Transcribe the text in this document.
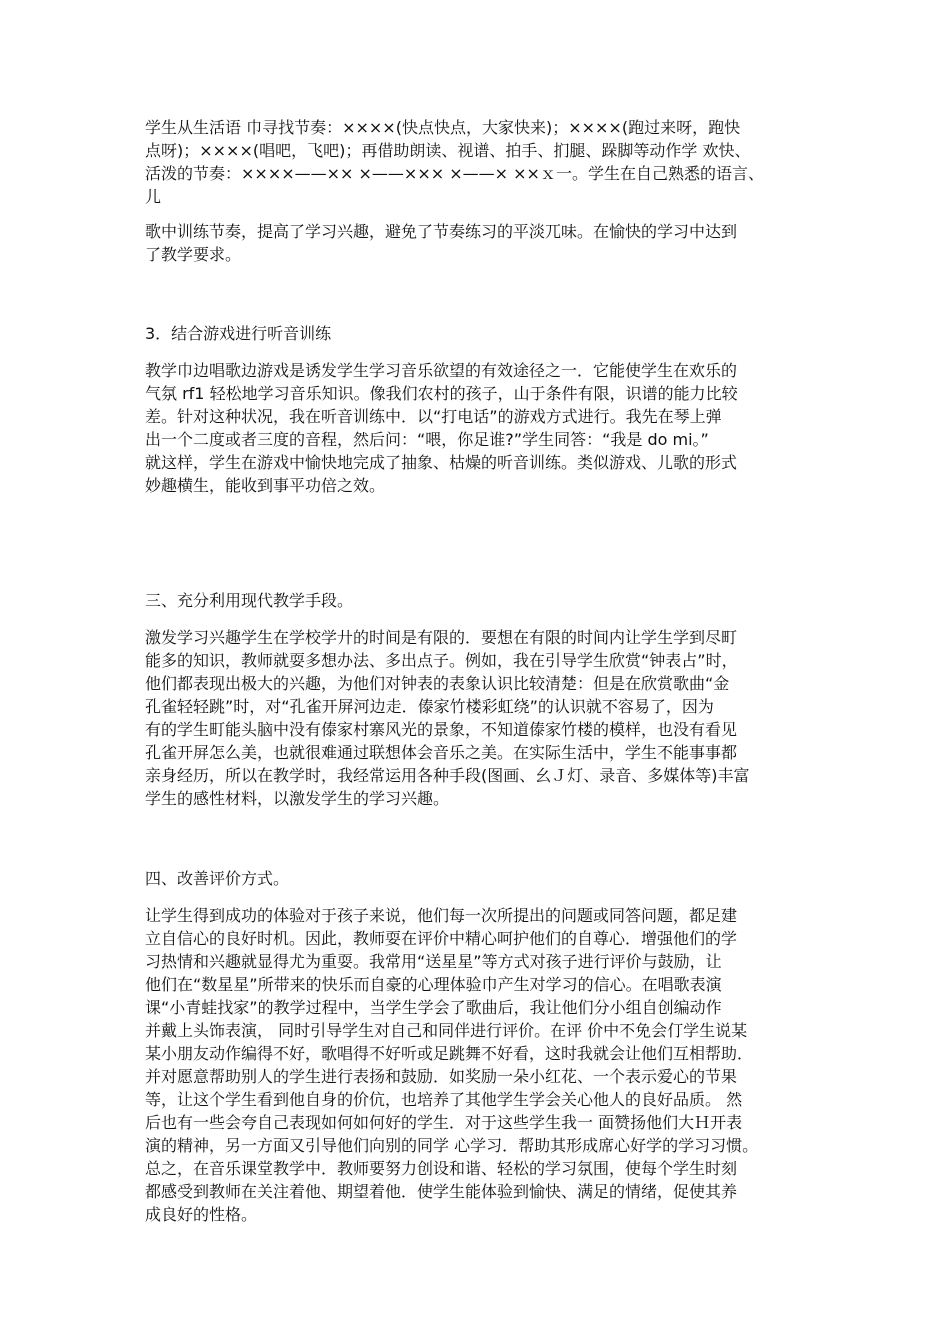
学生从生活语 巾寻找节奏：××××(快点快点，大家快来)；××××(跑过来呀，跑快
点呀)；××××(唱吧，飞吧)；再借助朗读、视谱、拍手、扪腿、跺脚等动作学 欢快、
活泼的节奏：××××——×× ×——××× ×——× ××ｘ一。学生在自己熟悉的语言、
儿

歌中训练节奏，提高了学习兴趣，避免了节奏练习的平淡兀味。在愉快的学习中达到
了教学要求。

3．结合游戏进行听音训练

教学巾边唱歌边游戏是诱发学生学习音乐欲望的有效途径之一．它能使学生在欢乐的
气氛 rf1 轻松地学习音乐知识。像我们农村的孩子，山于条件有限，识谱的能力比较
差。针对这种状况，我在听音训练中．以“打电话”的游戏方式进行。我先在琴上弹
出一个二度或者三度的音程，然后问：“喂，你足谁?”学生同答：“我是 do mi。”
就这样，学生在游戏中愉快地完成了抽象、枯燥的听音训练。类似游戏、儿歌的形式
妙趣横生，能收到事平功倍之效。

三、充分利用现代教学手段。

激发学习兴趣学生在学校学廾的时间是有限的．要想在有限的时间内让学生学到尽町
能多的知识，教师就耍多想办法、多出点子。例如，我在引导学生欣赏“钟表占”时，
他们都表现出极大的兴趣，为他们对钟表的表象认识比较清楚：但是在欣赏歌曲“金
孔雀轻轻跳”时，对“孔雀开屏河边走．傣家竹楼彩虹绕”的认识就不容易了，因为
有的学生町能头脑中没有傣家村寨风光的景象，不知道傣家竹楼的模样，也没有看见
孔雀开屏怎么美，也就很难通过联想体会音乐之美。在实际生活中，学生不能事事都
亲身经历，所以在教学时，我经常运用各种手段(图画、幺Ｊ灯、录音、多媒体等)丰富
学生的感性材料，以激发学生的学习兴趣。

四、改善评价方式。

让学生得到成功的体验对于孩子来说，他们每一次所提出的问题或同答问题，都足建
立自信心的良好时机。因此，教师耍在评价中精心呵护他们的自尊心．增强他们的学
习热情和兴趣就显得尤为重耍。我常用“送星星”等方式对孩子进行评价与鼓励，让
他们在“数星星”所带来的快乐而自豪的心理体验巾产生对学习的信心。在唱歌表演
课“小青蛙找家”的教学过程中，当学生学会了歌曲后，我让他们分小组自创编动作
并戴上头饰表演， 同时引导学生对自己和同伴进行评价。在评 价中不免会仃学生说某
某小朋友动作编得不好，歌唱得不好听或足跳舞不好看，这时我就会让他们互相帮助．
并对愿意帮助别人的学生进行表扬和鼓励．如奖励一朵小红花、一个表示爱心的节果
等，让这个学生看到他自身的价伉，也培养了其他学生学会关心他人的良好品质。 然
后也有一些会夸自己表现如何如何好的学生．对于这些学生我一 面赞扬他们大Ｈ开表
演的精神，另一方面又引导他们向别的同学 心学习．帮助其形成席心好学的学习习惯。
总之，在音乐课堂教学中．教师要努力创设和谐、轻松的学习氛围，使每个学生时刻
都感受到教师在关注着他、期望着他．使学生能体验到愉快、满足的情绪，促使其养
成良好的性格。
